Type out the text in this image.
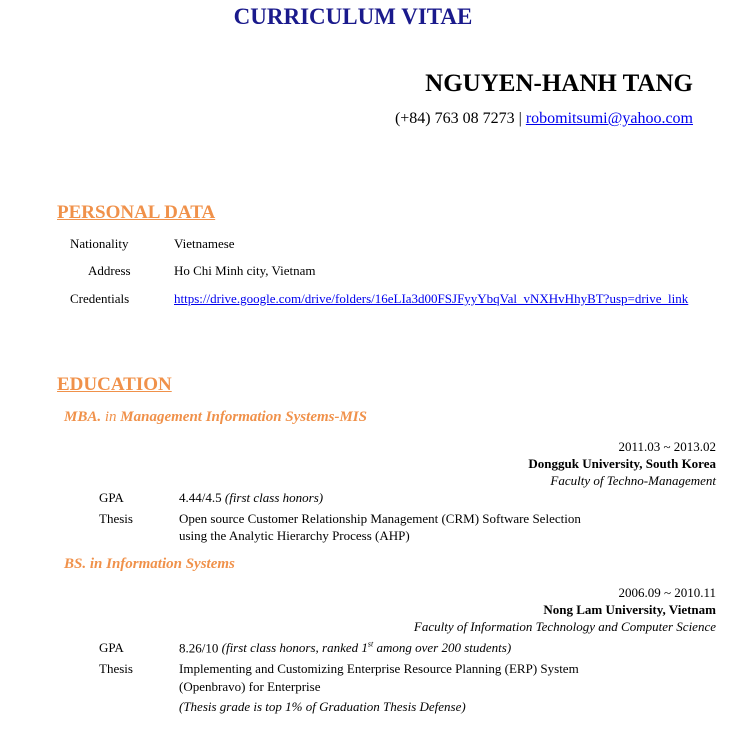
CURRICULUM VITAE
NGUYEN-HANH TANG
(+84) 763 08 7273 | robomitsumi@yahoo.com
PERSONAL DATA
Nationality	Vietnamese
Address	Ho Chi Minh city, Vietnam
Credentials	https://drive.google.com/drive/folders/16eLIa3d00FSJFyyYbqVal_vNXHvHhyBT?usp=drive_link
EDUCATION
MBA. in Management Information Systems-MIS
2011.03 ~ 2013.02
Dongguk University, South Korea
Faculty of Techno-Management
GPA	4.44/4.5 (first class honors)
Thesis	Open source Customer Relationship Management (CRM) Software Selection
using the Analytic Hierarchy Process (AHP)
BS. in Information Systems
2006.09 ~ 2010.11
Nong Lam University, Vietnam
Faculty of Information Technology and Computer Science
GPA	8.26/10 (first class honors, ranked 1st among over 200 students)
Thesis	Implementing and Customizing Enterprise Resource Planning (ERP) System
(Openbravo) for Enterprise
(Thesis grade is top 1% of Graduation Thesis Defense)
